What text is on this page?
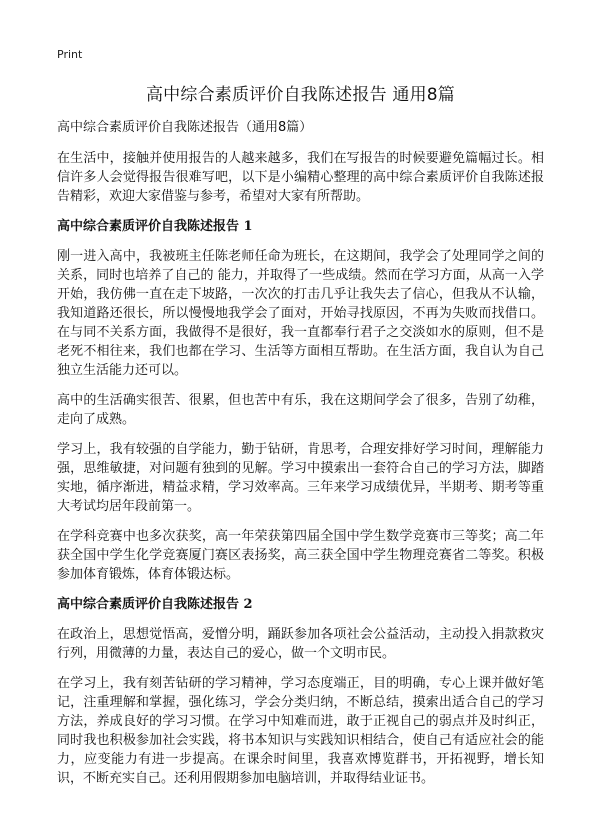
Print
高中综合素质评价自我陈述报告 通用8篇

高中综合素质评价自我陈述报告（通用8篇）

在生活中，接触并使用报告的人越来越多，我们在写报告的时候要避免篇幅过长。相信许多人会觉得报告很难写吧，以下是小编精心整理的高中综合素质评价自我陈述报告精彩，欢迎大家借鉴与参考，希望对大家有所帮助。

高中综合素质评价自我陈述报告 1

刚一进入高中，我被班主任陈老师任命为班长，在这期间，我学会了处理同学之间的关系，同时也培养了自己的 能力，并取得了一些成绩。然而在学习方面，从高一入学开始，我仿佛一直在走下坡路，一次次的打击几乎让我失去了信心，但我从不认输，我知道路还很长，所以慢慢地我学会了面对，开始寻找原因，不再为失败而找借口。在与同不关系方面，我做得不是很好，我一直都奉行君子之交淡如水的原则，但不是老死不相往来，我们也都在学习、生活等方面相互帮助。在生活方面，我自认为自己独立生活能力还可以。

高中的生活确实很苦、很累，但也苦中有乐，我在这期间学会了很多，告别了幼稚，走向了成熟。

学习上，我有较强的自学能力，勤于钻研，肯思考，合理安排好学习时间，理解能力强，思维敏捷，对问题有独到的见解。学习中摸索出一套符合自己的学习方法，脚踏实地，循序渐进，精益求精，学习效率高。三年来学习成绩优异，半期考、期考等重大考试均居年段前第一。

在学科竞赛中也多次获奖，高一年荣获第四届全国中学生数学竞赛市三等奖；高二年获全国中学生化学竞赛厦门赛区表扬奖，高三获全国中学生物理竞赛省二等奖。积极参加体育锻炼，体育体锻达标。

高中综合素质评价自我陈述报告 2

在政治上，思想觉悟高，爱憎分明，踊跃参加各项社会公益活动，主动投入捐款救灾行列，用微薄的力量，表达自己的爱心，做一个文明市民。

在学习上，我有刻苦钻研的学习精神，学习态度端正，目的明确，专心上课并做好笔记，注重理解和掌握，强化练习，学会分类归纳，不断总结，摸索出适合自己的学习方法，养成良好的学习习惯。在学习中知难而进，敢于正视自己的弱点并及时纠正，同时我也积极参加社会实践，将书本知识与实践知识相结合，使自己有适应社会的能力，应变能力有进一步提高。在课余时间里，我喜欢博览群书，开拓视野，增长知识，不断充实自己。还利用假期参加电脑培训，并取得结业证书。
